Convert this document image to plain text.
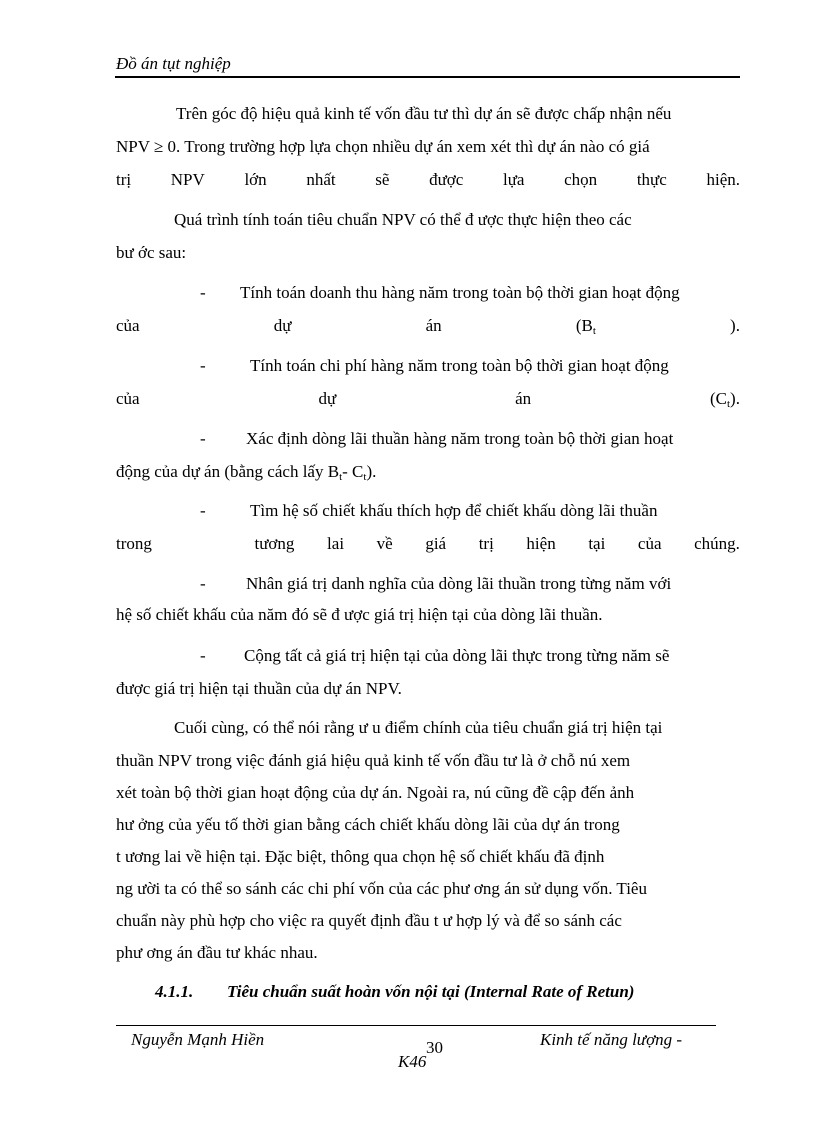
Đồ án tụt nghiệp
Trên góc độ hiệu quả kinh tế vốn đầu tư thì dự án sẽ được chấp nhận nếu
NPV ≥ 0. Trong trường hợp lựa chọn nhiều dự án xem xét thì dự án nào có giá
trị NPV lớn nhất sẽ được lựa chọn thực hiện.
Quá trình tính toán tiêu chuẩn NPV có thể đ ược thực hiện theo các
bư ớc sau:
- Tính toán doanh thu hàng năm trong toàn bộ thời gian hoạt động
của	dự	án	($B_t$	).
-	Tính toán chi phí hàng năm trong toàn bộ thời gian hoạt động
của	dự	án	$(C_t)$.
- Xác định dòng lãi thuần hàng năm trong toàn bộ thời gian hoạt
động của dự án (bằng cách lấy $B_t-$ $C_t$).
-	Tìm hệ số chiết khấu thích hợp để chiết khấu dòng lãi thuần
trong	tương lai về giá trị hiện tại của chúng.
- Nhân giá trị danh nghĩa của dòng lãi thuần trong từng năm với
hệ số chiết khấu của năm đó sẽ đ ược giá trị hiện tại của dòng lãi thuần.
- Cộng tất cả giá trị hiện tại của dòng lãi thực trong từng năm sẽ
được giá trị hiện tại thuần của dự án NPV.
Cuối cùng, có thể nói rằng ư u điểm chính của tiêu chuẩn giá trị hiện tại
thuần NPV trong việc đánh giá hiệu quả kinh tế vốn đầu tư là ở chỗ nú xem
xét toàn bộ thời gian hoạt động của dự án. Ngoài ra, nú cũng đề cập đến ảnh
hư ởng của yếu tố thời gian bằng cách chiết khấu dòng lãi của dự án trong
t ương lai về hiện tại. Đặc biệt, thông qua chọn hệ số chiết khấu đã định
ng ười ta có thể so sánh các chi phí vốn của các phư ơng án sử dụng vốn. Tiêu
chuẩn này phù hợp cho việc ra quyết định đầu t ư hợp lý và để so sánh các
phư ơng án đầu tư khác nhau.
4.1.1. Tiêu chuẩn suất hoàn vốn nội tại (Internal Rate of Retun)
Nguyễn Mạnh Hiền	30	Kinh tế năng lượng -
K46
